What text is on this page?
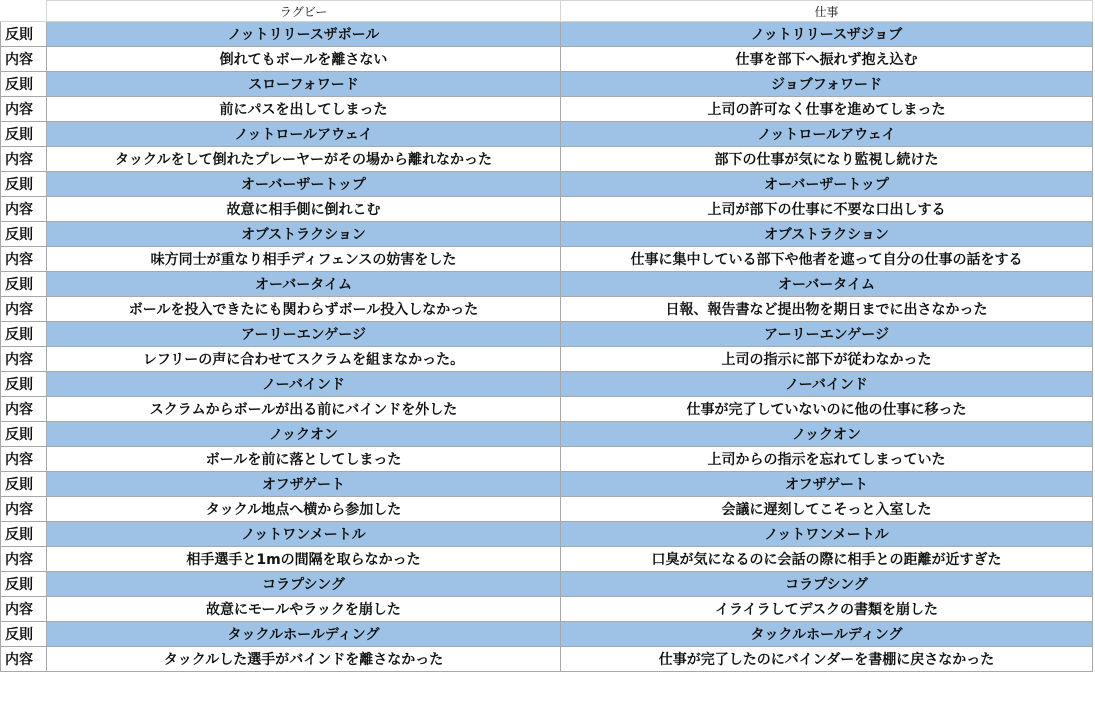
	ラグビー	仕事	
反則	ノットリリースザボール	ノットリリースザジョブ	
内容	倒れてもボールを離さない	仕事を部下へ振れず抱え込む	
反則	スローフォワード	ジョブフォワード	
内容	前にパスを出してしまった	上司の許可なく仕事を進めてしまった	
反則	ノットロールアウェイ	ノットロールアウェイ	
内容	タックルをして倒れたプレーヤーがその場から離れなかった	部下の仕事が気になり監視し続けた	
反則	オーバーザートップ	オーバーザートップ	
内容	故意に相手側に倒れこむ	上司が部下の仕事に不要な口出しする	
反則	オブストラクション	オブストラクション	
内容	味方同士が重なり相手ディフェンスの妨害をした	仕事に集中している部下や他者を遮って自分の仕事の話をする	
反則	オーバータイム	オーバータイム	
内容	ボールを投入できたにも関わらずボール投入しなかった	日報、報告書など提出物を期日までに出さなかった	
反則	アーリーエンゲージ	アーリーエンゲージ	
内容	レフリーの声に合わせてスクラムを組まなかった。	上司の指示に部下が従わなかった	
反則	ノーバインド	ノーバインド	
内容	スクラムからボールが出る前にバインドを外した	仕事が完了していないのに他の仕事に移った	
反則	ノックオン	ノックオン	
内容	ボールを前に落としてしまった	上司からの指示を忘れてしまっていた	
反則	オフザゲート	オフザゲート	
内容	タックル地点へ横から参加した	会議に遅刻してこそっと入室した	
反則	ノットワンメートル	ノットワンメートル	
内容	相手選手と1mの間隔を取らなかった	口臭が気になるのに会話の際に相手との距離が近すぎた	
反則	コラプシング	コラプシング	
内容	故意にモールやラックを崩した	イライラしてデスクの書類を崩した	
反則	タックルホールディング	タックルホールディング	
内容	タックルした選手がバインドを離さなかった	仕事が完了したのにバインダーを書棚に戻さなかった	
